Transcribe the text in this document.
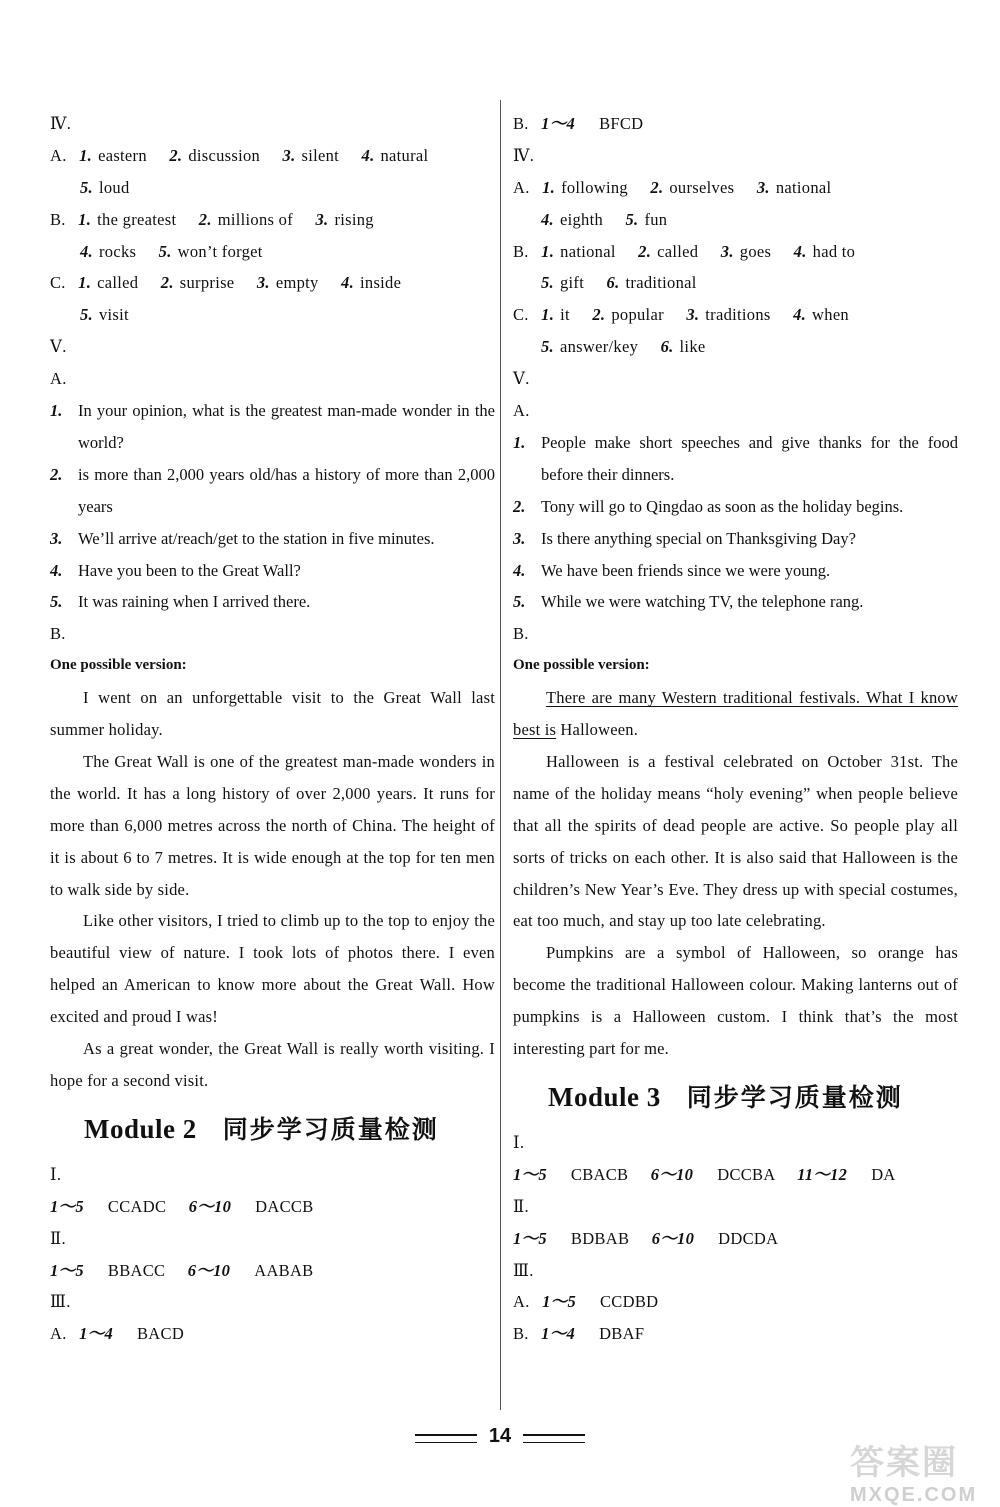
Ⅳ.
A. 1. eastern 2. discussion 3. silent 4. natural
5. loud
B. 1. the greatest 2. millions of 3. rising
4. rocks 5. won’t forget
C. 1. called 2. surprise 3. empty 4. inside
5. visit
Ⅴ.
A.
1. In your opinion, what is the greatest man-made wonder in the world?
2. is more than 2,000 years old/has a history of more than 2,000 years
3. We’ll arrive at/reach/get to the station in five minutes.
4. Have you been to the Great Wall?
5. It was raining when I arrived there.
B.
One possible version:

I went on an unforgettable visit to the Great Wall last summer holiday.

The Great Wall is one of the greatest man-made wonders in the world. It has a long history of over 2,000 years. It runs for more than 6,000 metres across the north of China. The height of it is about 6 to 7 metres. It is wide enough at the top for ten men to walk side by side.

Like other visitors, I tried to climb up to the top to enjoy the beautiful view of nature. I took lots of photos there. I even helped an American to know more about the Great Wall. How excited and proud I was!

As a great wonder, the Great Wall is really worth visiting. I hope for a second visit.

Module 2 同步学习质量检测
Ⅰ.
1～5 CCADC 6～10 DACCB
Ⅱ.
1～5 BBACC 6～10 AABAB
Ⅲ.
A. 1～4 BACD
B. 1～4 BFCD
Ⅳ.
A. 1. following 2. ourselves 3. national
4. eighth 5. fun
B. 1. national 2. called 3. goes 4. had to
5. gift 6. traditional
C. 1. it 2. popular 3. traditions 4. when
5. answer/key 6. like
Ⅴ.
A.
1. People make short speeches and give thanks for the food before their dinners.
2. Tony will go to Qingdao as soon as the holiday begins.
3. Is there anything special on Thanksgiving Day?
4. We have been friends since we were young.
5. While we were watching TV, the telephone rang.
B.
One possible version:

There are many Western traditional festivals. What I know best is Halloween.

Halloween is a festival celebrated on October 31st. The name of the holiday means “holy evening” when people believe that all the spirits of dead people are active. So people play all sorts of tricks on each other. It is also said that Halloween is the children’s New Year’s Eve. They dress up with special costumes, eat too much, and stay up too late celebrating.

Pumpkins are a symbol of Halloween, so orange has become the traditional Halloween colour. Making lanterns out of pumpkins is a Halloween custom. I think that’s the most interesting part for me.

Module 3 同步学习质量检测
Ⅰ.
1～5 CBACB 6～10 DCCBA 11～12 DA
Ⅱ.
1～5 BDBAB 6～10 DDCDA
Ⅲ.
A. 1～5 CCDBD
B. 1～4 DBAF
14
答案圈
MXQE.COM
